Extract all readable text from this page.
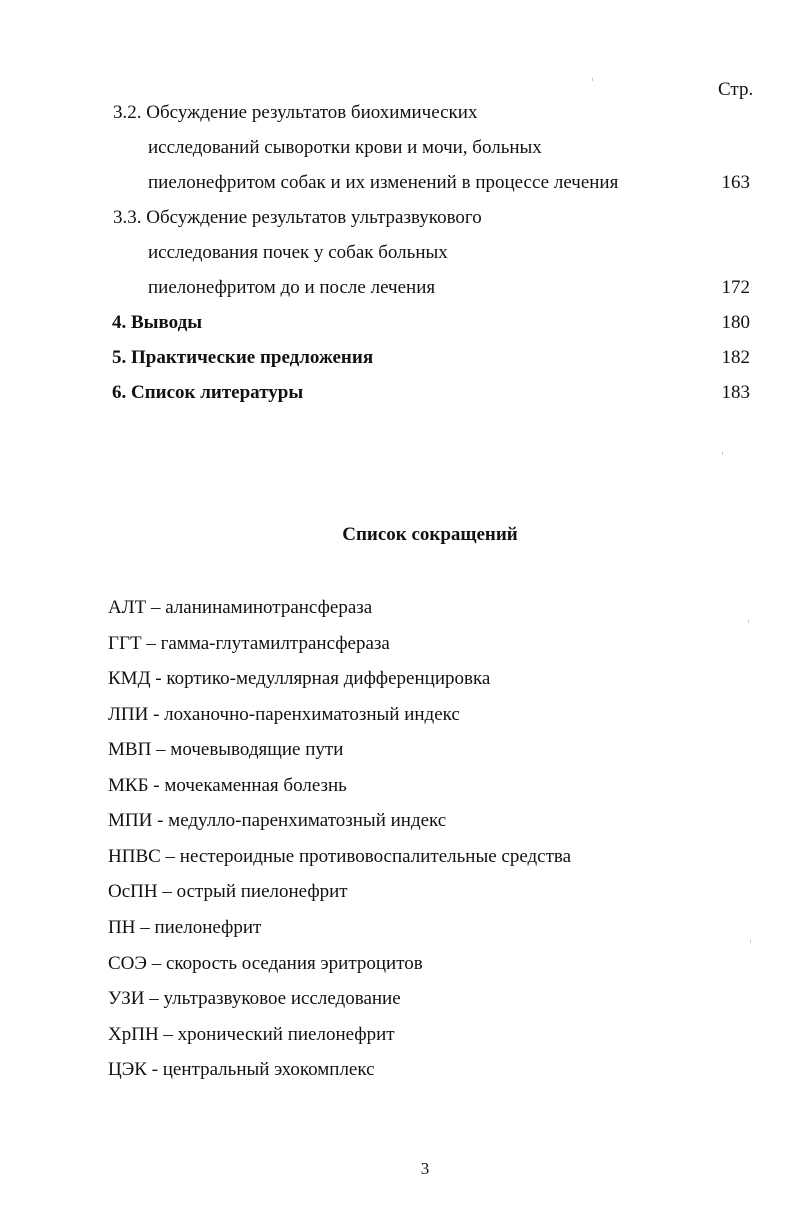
Стр.
3.2. Обсуждение результатов биохимических
исследований сыворотки крови и мочи, больных
пиелонефритом собак и их изменений в процессе лечения	163
3.3. Обсуждение результатов ультразвукового
исследования почек у собак больных
пиелонефритом до и после лечения	172
4. Выводы	180
5. Практические предложения	182
6. Список литературы	183
Список сокращений
АЛТ – аланинаминотрансфераза
ГГТ – гамма-глутамилтрансфераза
КМД - кортико-медуллярная дифференцировка
ЛПИ - лоханочно-паренхиматозный индекс
МВП – мочевыводящие пути
МКБ - мочекаменная болезнь
МПИ - медулло-паренхиматозный индекс
НПВС – нестероидные противовоспалительные средства
ОсПН – острый пиелонефрит
ПН – пиелонефрит
СОЭ – скорость оседания эритроцитов
УЗИ – ультразвуковое исследование
ХрПН – хронический пиелонефрит
ЦЭК - центральный эхокомплекс
3
